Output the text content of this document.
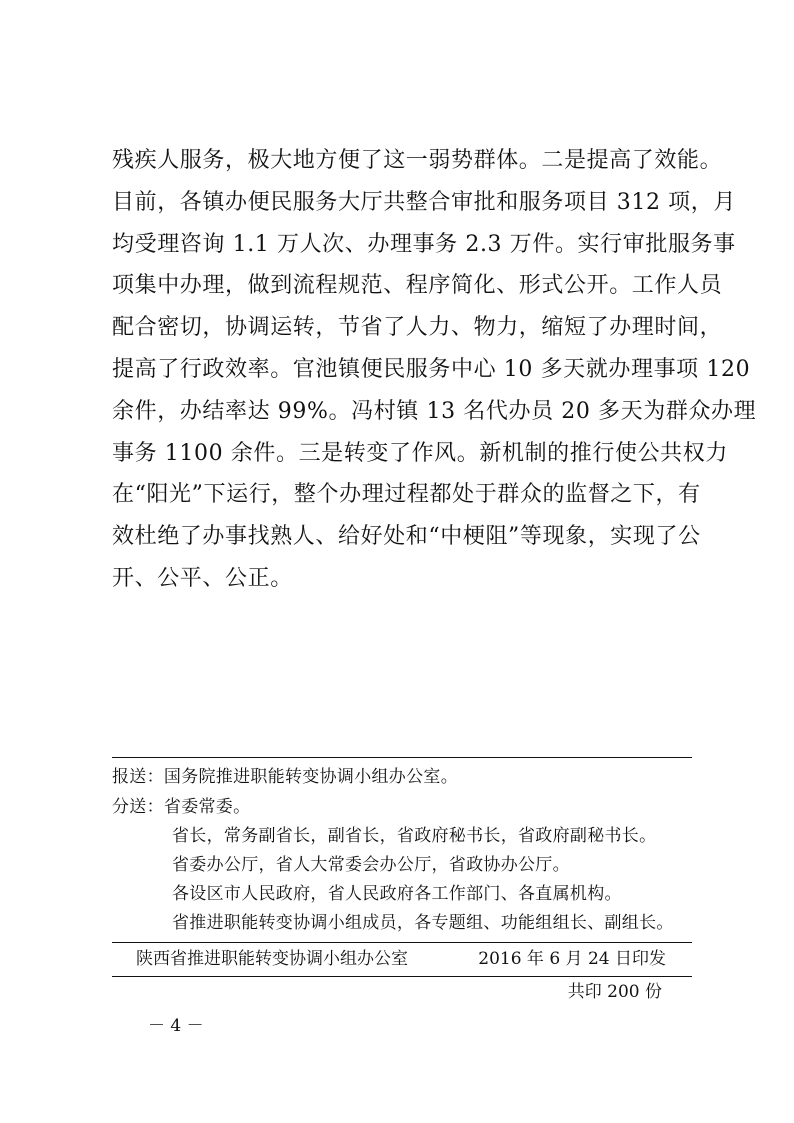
残疾人服务，极大地方便了这一弱势群体。二是提高了效能。
目前，各镇办便民服务大厅共整合审批和服务项目 312 项，月
均受理咨询 1.1 万人次、办理事务 2.3 万件。实行审批服务事
项集中办理，做到流程规范、程序简化、形式公开。工作人员
配合密切，协调运转，节省了人力、物力，缩短了办理时间，
提高了行政效率。官池镇便民服务中心 10 多天就办理事项 120
余件，办结率达 99%。冯村镇 13 名代办员 20 多天为群众办理
事务 1100 余件。三是转变了作风。新机制的推行使公共权力
在“阳光”下运行，整个办理过程都处于群众的监督之下，有
效杜绝了办事找熟人、给好处和“中梗阻”等现象，实现了公
开、公平、公正。
报送：国务院推进职能转变协调小组办公室。
分送：省委常委。
省长，常务副省长，副省长，省政府秘书长，省政府副秘书长。
省委办公厅，省人大常委会办公厅，省政协办公厅。
各设区市人民政府，省人民政府各工作部门、各直属机构。
省推进职能转变协调小组成员，各专题组、功能组组长、副组长。
陕西省推进职能转变协调小组办公室	2016 年 6 月 24 日印发
共印 200 份
－ 4 －
